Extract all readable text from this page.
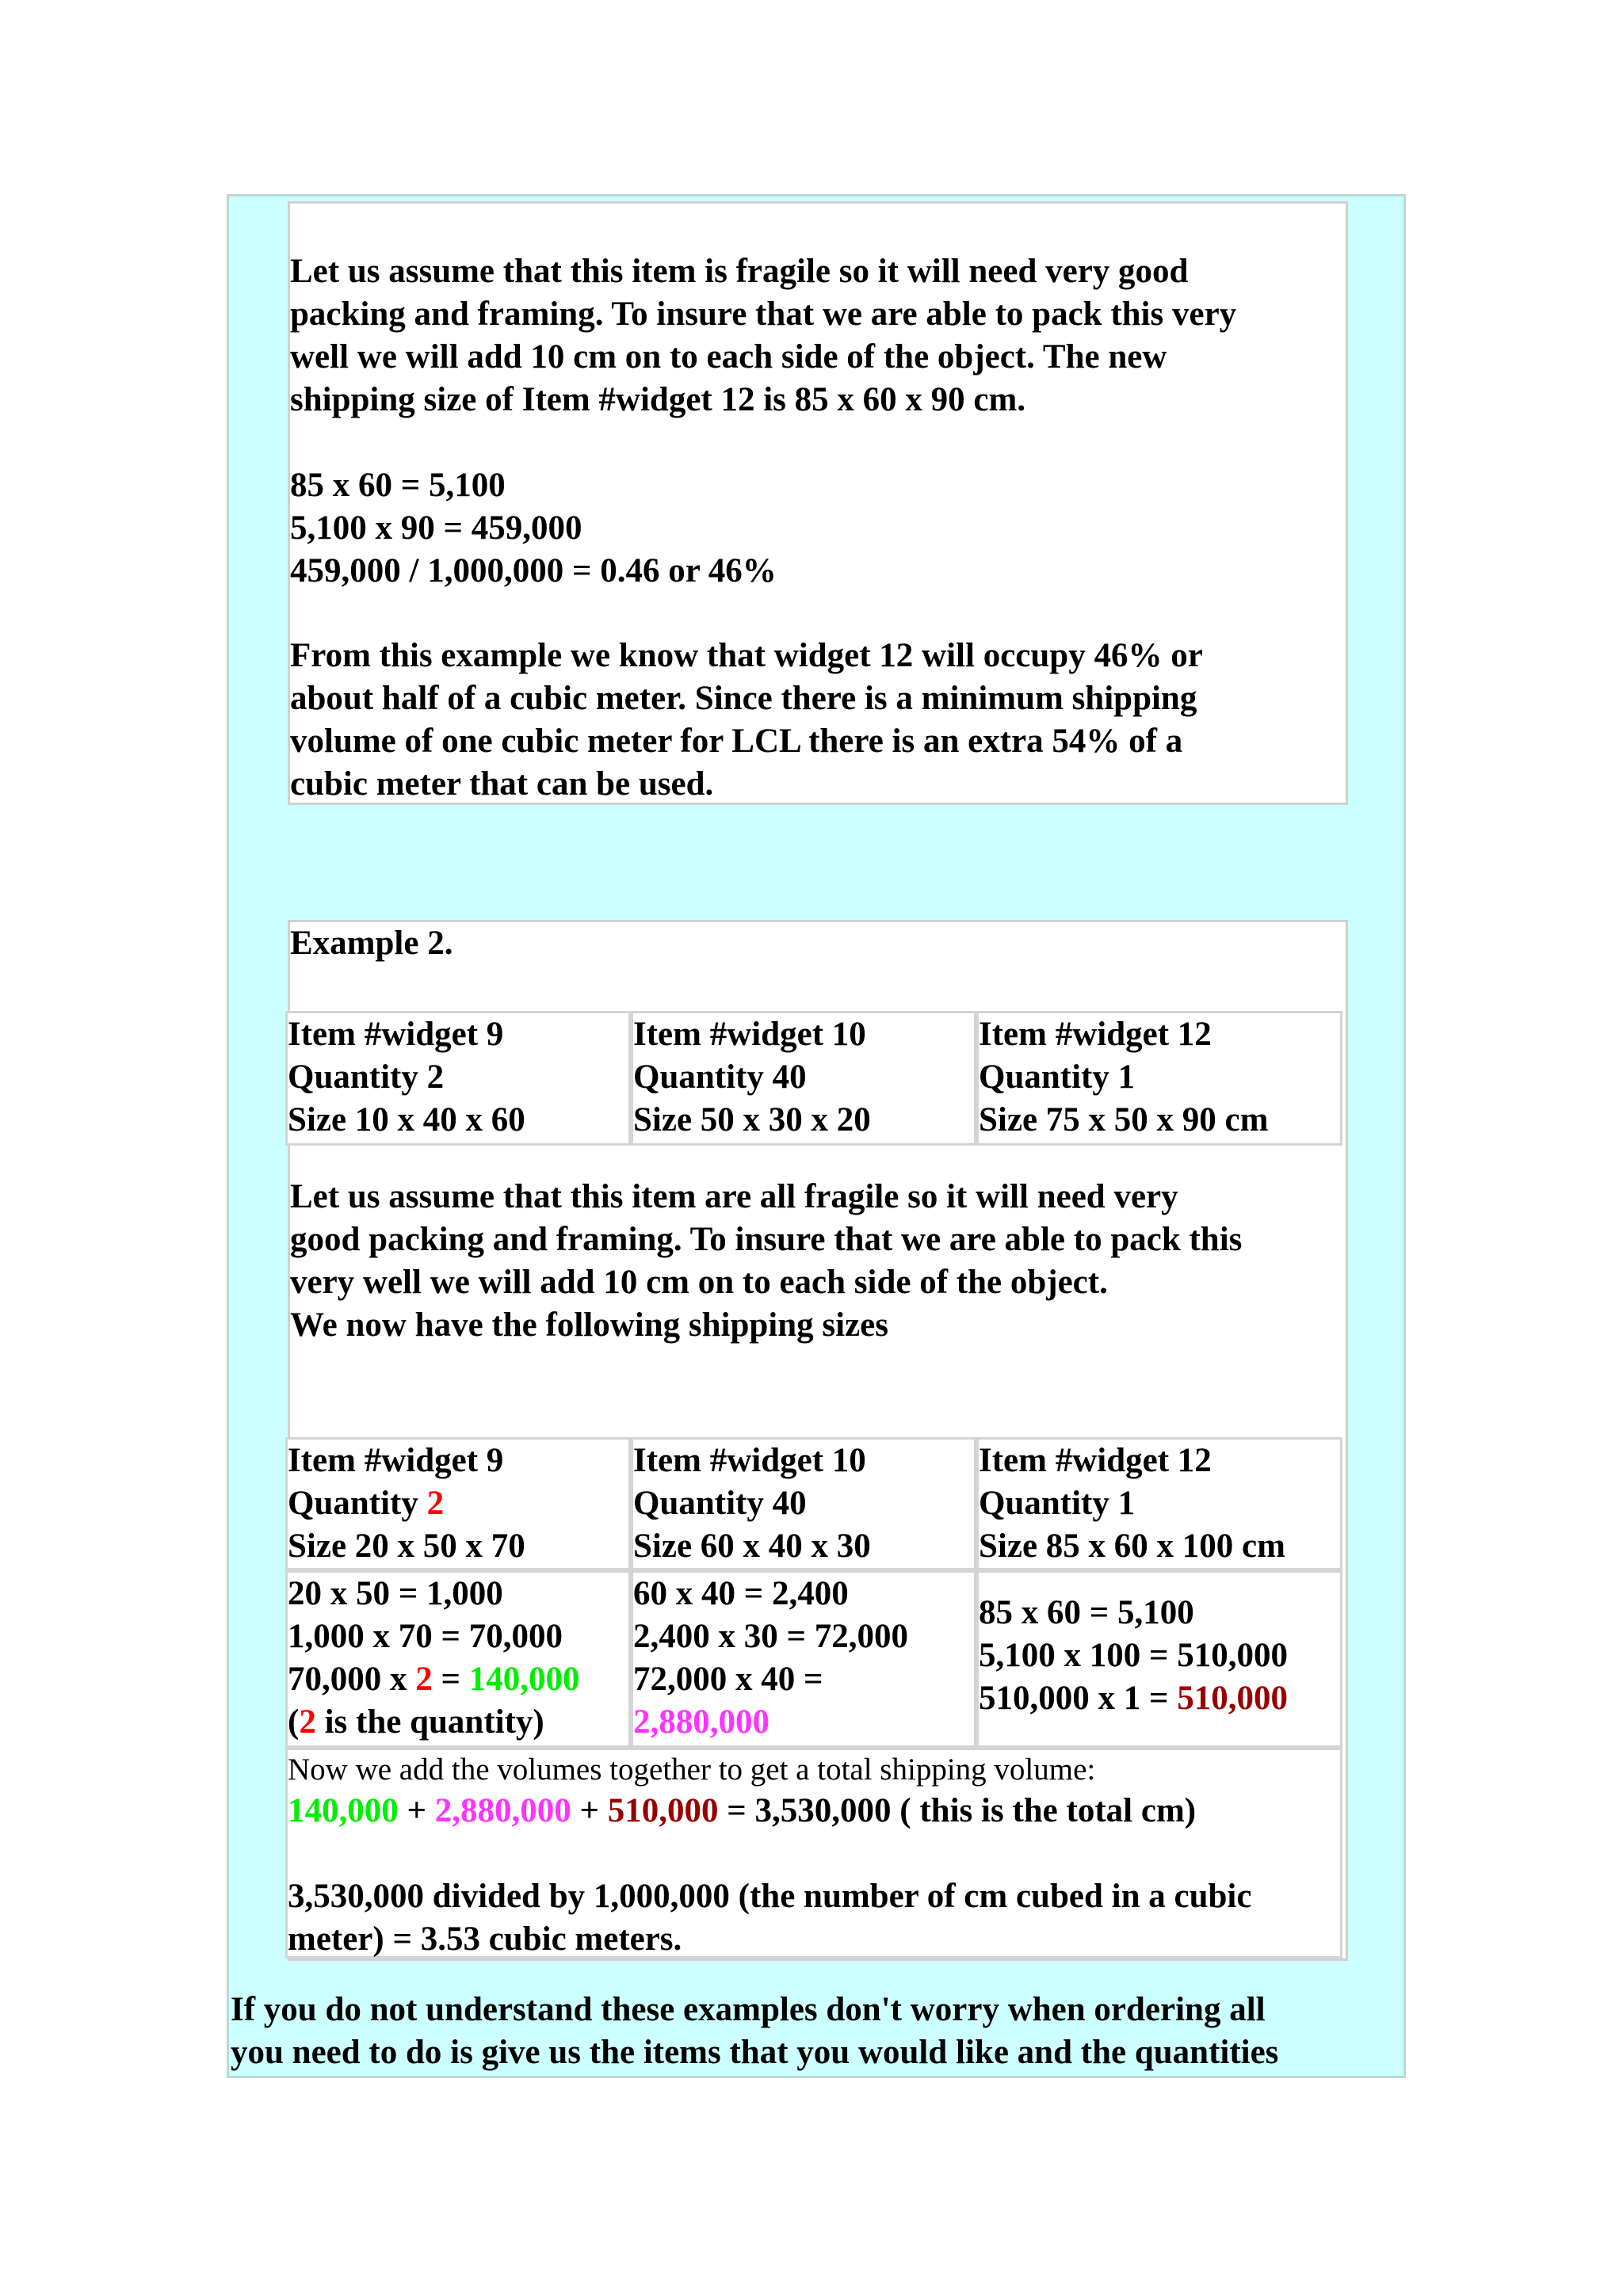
Let us assume that this item is fragile so it will need very good
packing and framing. To insure that we are able to pack this very
well we will add 10 cm on to each side of the object. The new
shipping size of Item #widget 12 is 85 x 60 x 90 cm.
85 x 60 = 5,100
5,100 x 90 = 459,000
459,000 / 1,000,000 = 0.46 or 46%
From this example we know that widget 12 will occupy 46% or
about half of a cubic meter. Since there is a minimum shipping
volume of one cubic meter for LCL there is an extra 54% of a
cubic meter that can be used.
Example 2.
Item #widget 9
Quantity 2
Size 10 x 40 x 60
Item #widget 10
Quantity 40
Size 50 x 30 x 20
Item #widget 12
Quantity 1
Size 75 x 50 x 90 cm
Let us assume that this item are all fragile so it will need very
good packing and framing. To insure that we are able to pack this
very well we will add 10 cm on to each side of the object.
We now have the following shipping sizes
Item #widget 9
Quantity 2
Size 20 x 50 x 70
Item #widget 10
Quantity 40
Size 60 x 40 x 30
Item #widget 12
Quantity 1
Size 85 x 60 x 100 cm
20 x 50 = 1,000
1,000 x 70 = 70,000
70,000 x 2 = 140,000
(2 is the quantity)
60 x 40 = 2,400
2,400 x 30 = 72,000
72,000 x 40 =
2,880,000
85 x 60 = 5,100
5,100 x 100 = 510,000
510,000 x 1 = 510,000
Now we add the volumes together to get a total shipping volume:
140,000 + 2,880,000 + 510,000 = 3,530,000 ( this is the total cm)
3,530,000 divided by 1,000,000 (the number of cm cubed in a cubic
meter) = 3.53 cubic meters.
If you do not understand these examples don't worry when ordering all
you need to do is give us the items that you would like and the quantities
